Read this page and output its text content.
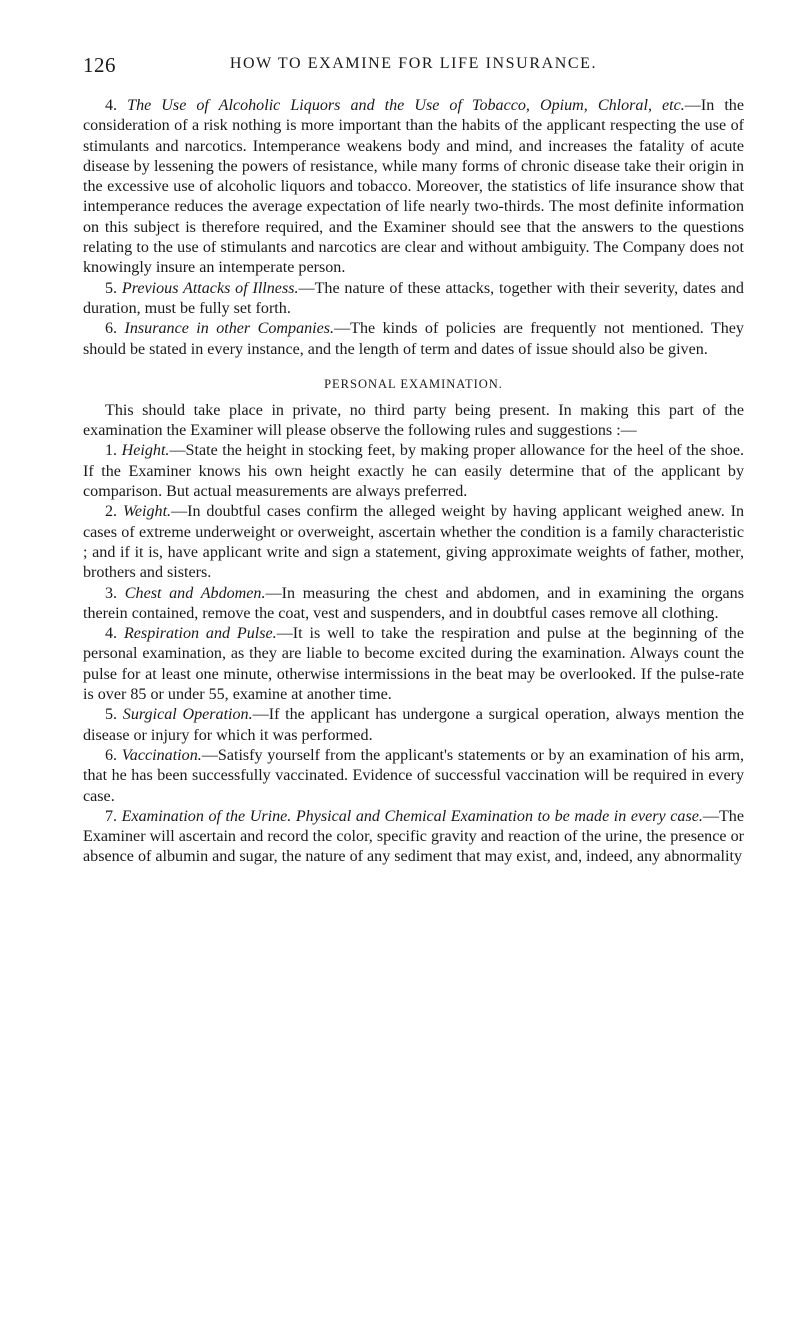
126	HOW TO EXAMINE FOR LIFE INSURANCE.

4. The Use of Alcoholic Liquors and the Use of Tobacco, Opium, Chloral, etc.—In the consideration of a risk nothing is more important than the habits of the applicant respecting the use of stimulants and narcotics. Intemperance weakens body and mind, and increases the fatality of acute disease by lessening the powers of resistance, while many forms of chronic disease take their origin in the excessive use of alcoholic liquors and tobacco. Moreover, the statistics of life insurance show that intemperance reduces the average expectation of life nearly two-thirds. The most definite information on this subject is therefore required, and the Examiner should see that the answers to the questions relating to the use of stimulants and narcotics are clear and without ambiguity. The Company does not knowingly insure an intemperate person.

5. Previous Attacks of Illness.—The nature of these attacks, together with their severity, dates and duration, must be fully set forth.

6. Insurance in other Companies.—The kinds of policies are frequently not mentioned. They should be stated in every instance, and the length of term and dates of issue should also be given.

PERSONAL EXAMINATION.

This should take place in private, no third party being present. In making this part of the examination the Examiner will please observe the following rules and suggestions :—

1. Height.—State the height in stocking feet, by making proper allowance for the heel of the shoe. If the Examiner knows his own height exactly he can easily determine that of the applicant by comparison. But actual measurements are always preferred.

2. Weight.—In doubtful cases confirm the alleged weight by having applicant weighed anew. In cases of extreme underweight or overweight, ascertain whether the condition is a family characteristic ; and if it is, have applicant write and sign a statement, giving approximate weights of father, mother, brothers and sisters.

3. Chest and Abdomen.—In measuring the chest and abdomen, and in examining the organs therein contained, remove the coat, vest and suspenders, and in doubtful cases remove all clothing.

4. Respiration and Pulse.—It is well to take the respiration and pulse at the beginning of the personal examination, as they are liable to become excited during the examination. Always count the pulse for at least one minute, otherwise intermissions in the beat may be overlooked. If the pulse-rate is over 85 or under 55, examine at another time.

5. Surgical Operation.—If the applicant has undergone a surgical operation, always mention the disease or injury for which it was performed.

6. Vaccination.—Satisfy yourself from the applicant's statements or by an examination of his arm, that he has been successfully vaccinated. Evidence of successful vaccination will be required in every case.

7. Examination of the Urine. Physical and Chemical Examination to be made in every case.—The Examiner will ascertain and record the color, specific gravity and reaction of the urine, the presence or absence of albumin and sugar, the nature of any sediment that may exist, and, indeed, any abnormality
